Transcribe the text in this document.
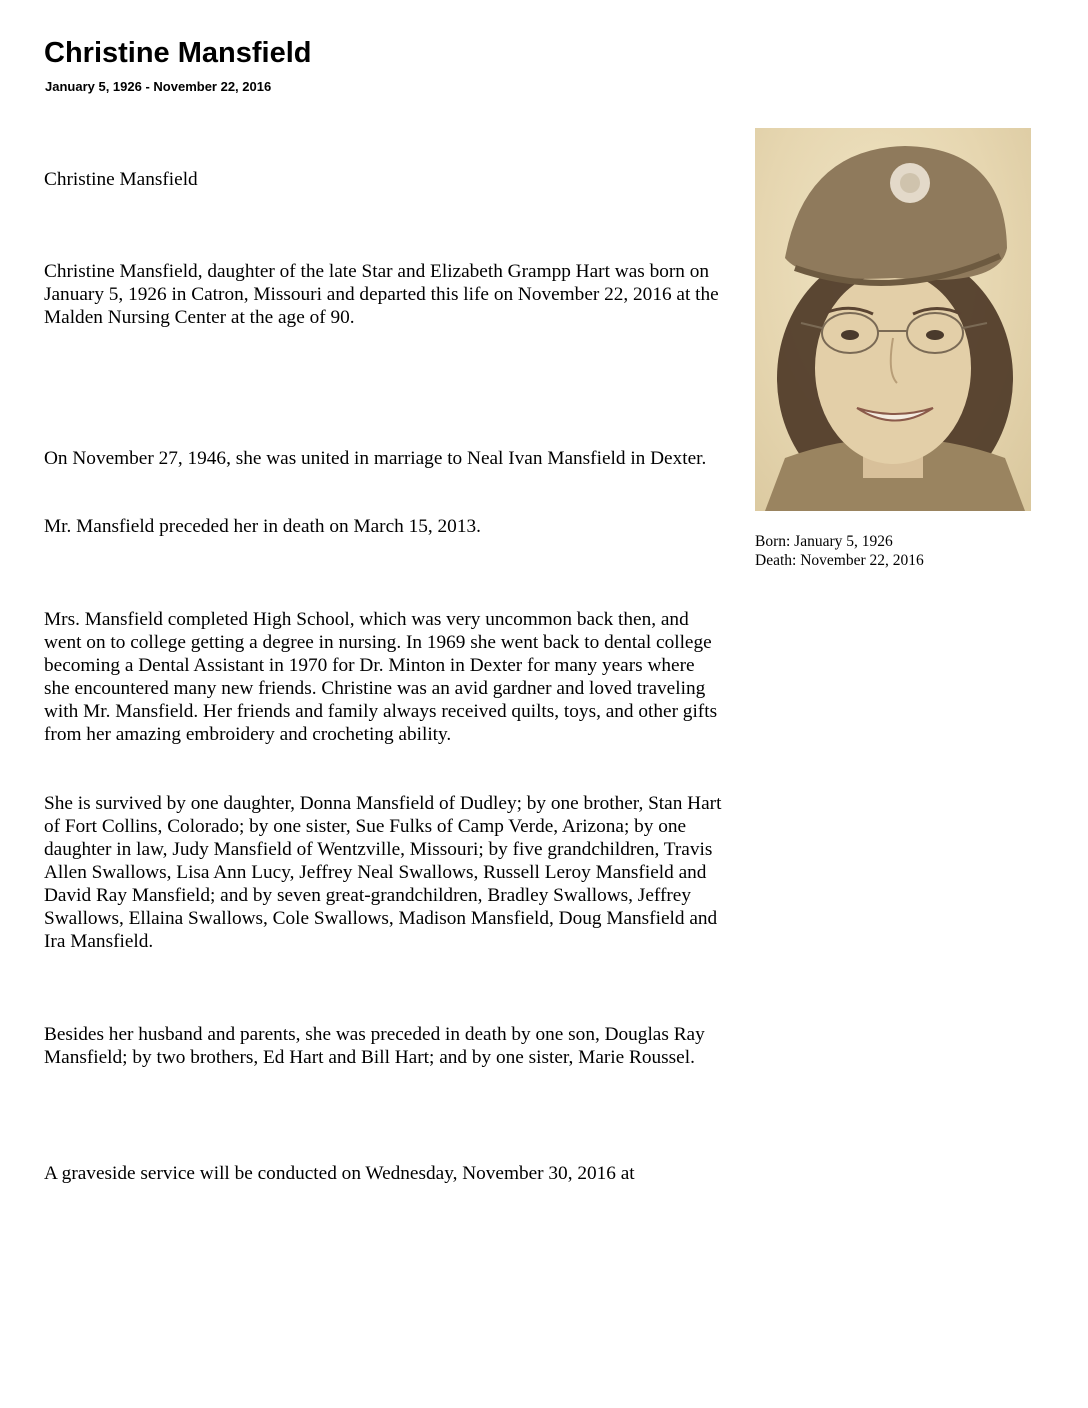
Christine Mansfield
January 5, 1926 - November 22, 2016

Christine Mansfield

Christine Mansfield, daughter of the late Star and Elizabeth Grampp Hart was born on January 5, 1926 in Catron, Missouri and departed this life on November 22, 2016 at the Malden Nursing Center at the age of 90.

On November 27, 1946, she was united in marriage to Neal Ivan Mansfield in Dexter.

Mr. Mansfield preceded her in death on March 15, 2013.

Mrs. Mansfield completed High School, which was very uncommon back then, and went on to college getting a degree in nursing. In 1969 she went back to dental college becoming a Dental Assistant in 1970 for Dr. Minton in Dexter for many years where she encountered many new friends. Christine was an avid gardner and loved traveling with Mr. Mansfield. Her friends and family always received quilts, toys, and other gifts from her amazing embroidery and crocheting ability.

She is survived by one daughter, Donna Mansfield of Dudley; by one brother, Stan Hart of Fort Collins, Colorado; by one sister, Sue Fulks of Camp Verde, Arizona; by one daughter in law, Judy Mansfield of Wentzville, Missouri; by five grandchildren, Travis Allen Swallows, Lisa Ann Lucy, Jeffrey Neal Swallows, Russell Leroy Mansfield and David Ray Mansfield; and by seven great-grandchildren, Bradley Swallows, Jeffrey Swallows, Ellaina Swallows, Cole Swallows, Madison Mansfield, Doug Mansfield and Ira Mansfield.

Besides her husband and parents, she was preceded in death by one son, Douglas Ray Mansfield; by two brothers, Ed Hart and Bill Hart; and by one sister, Marie Roussel.

A graveside service will be conducted on Wednesday, November 30, 2016 at

Born: January 5, 1926
Death: November 22, 2016
